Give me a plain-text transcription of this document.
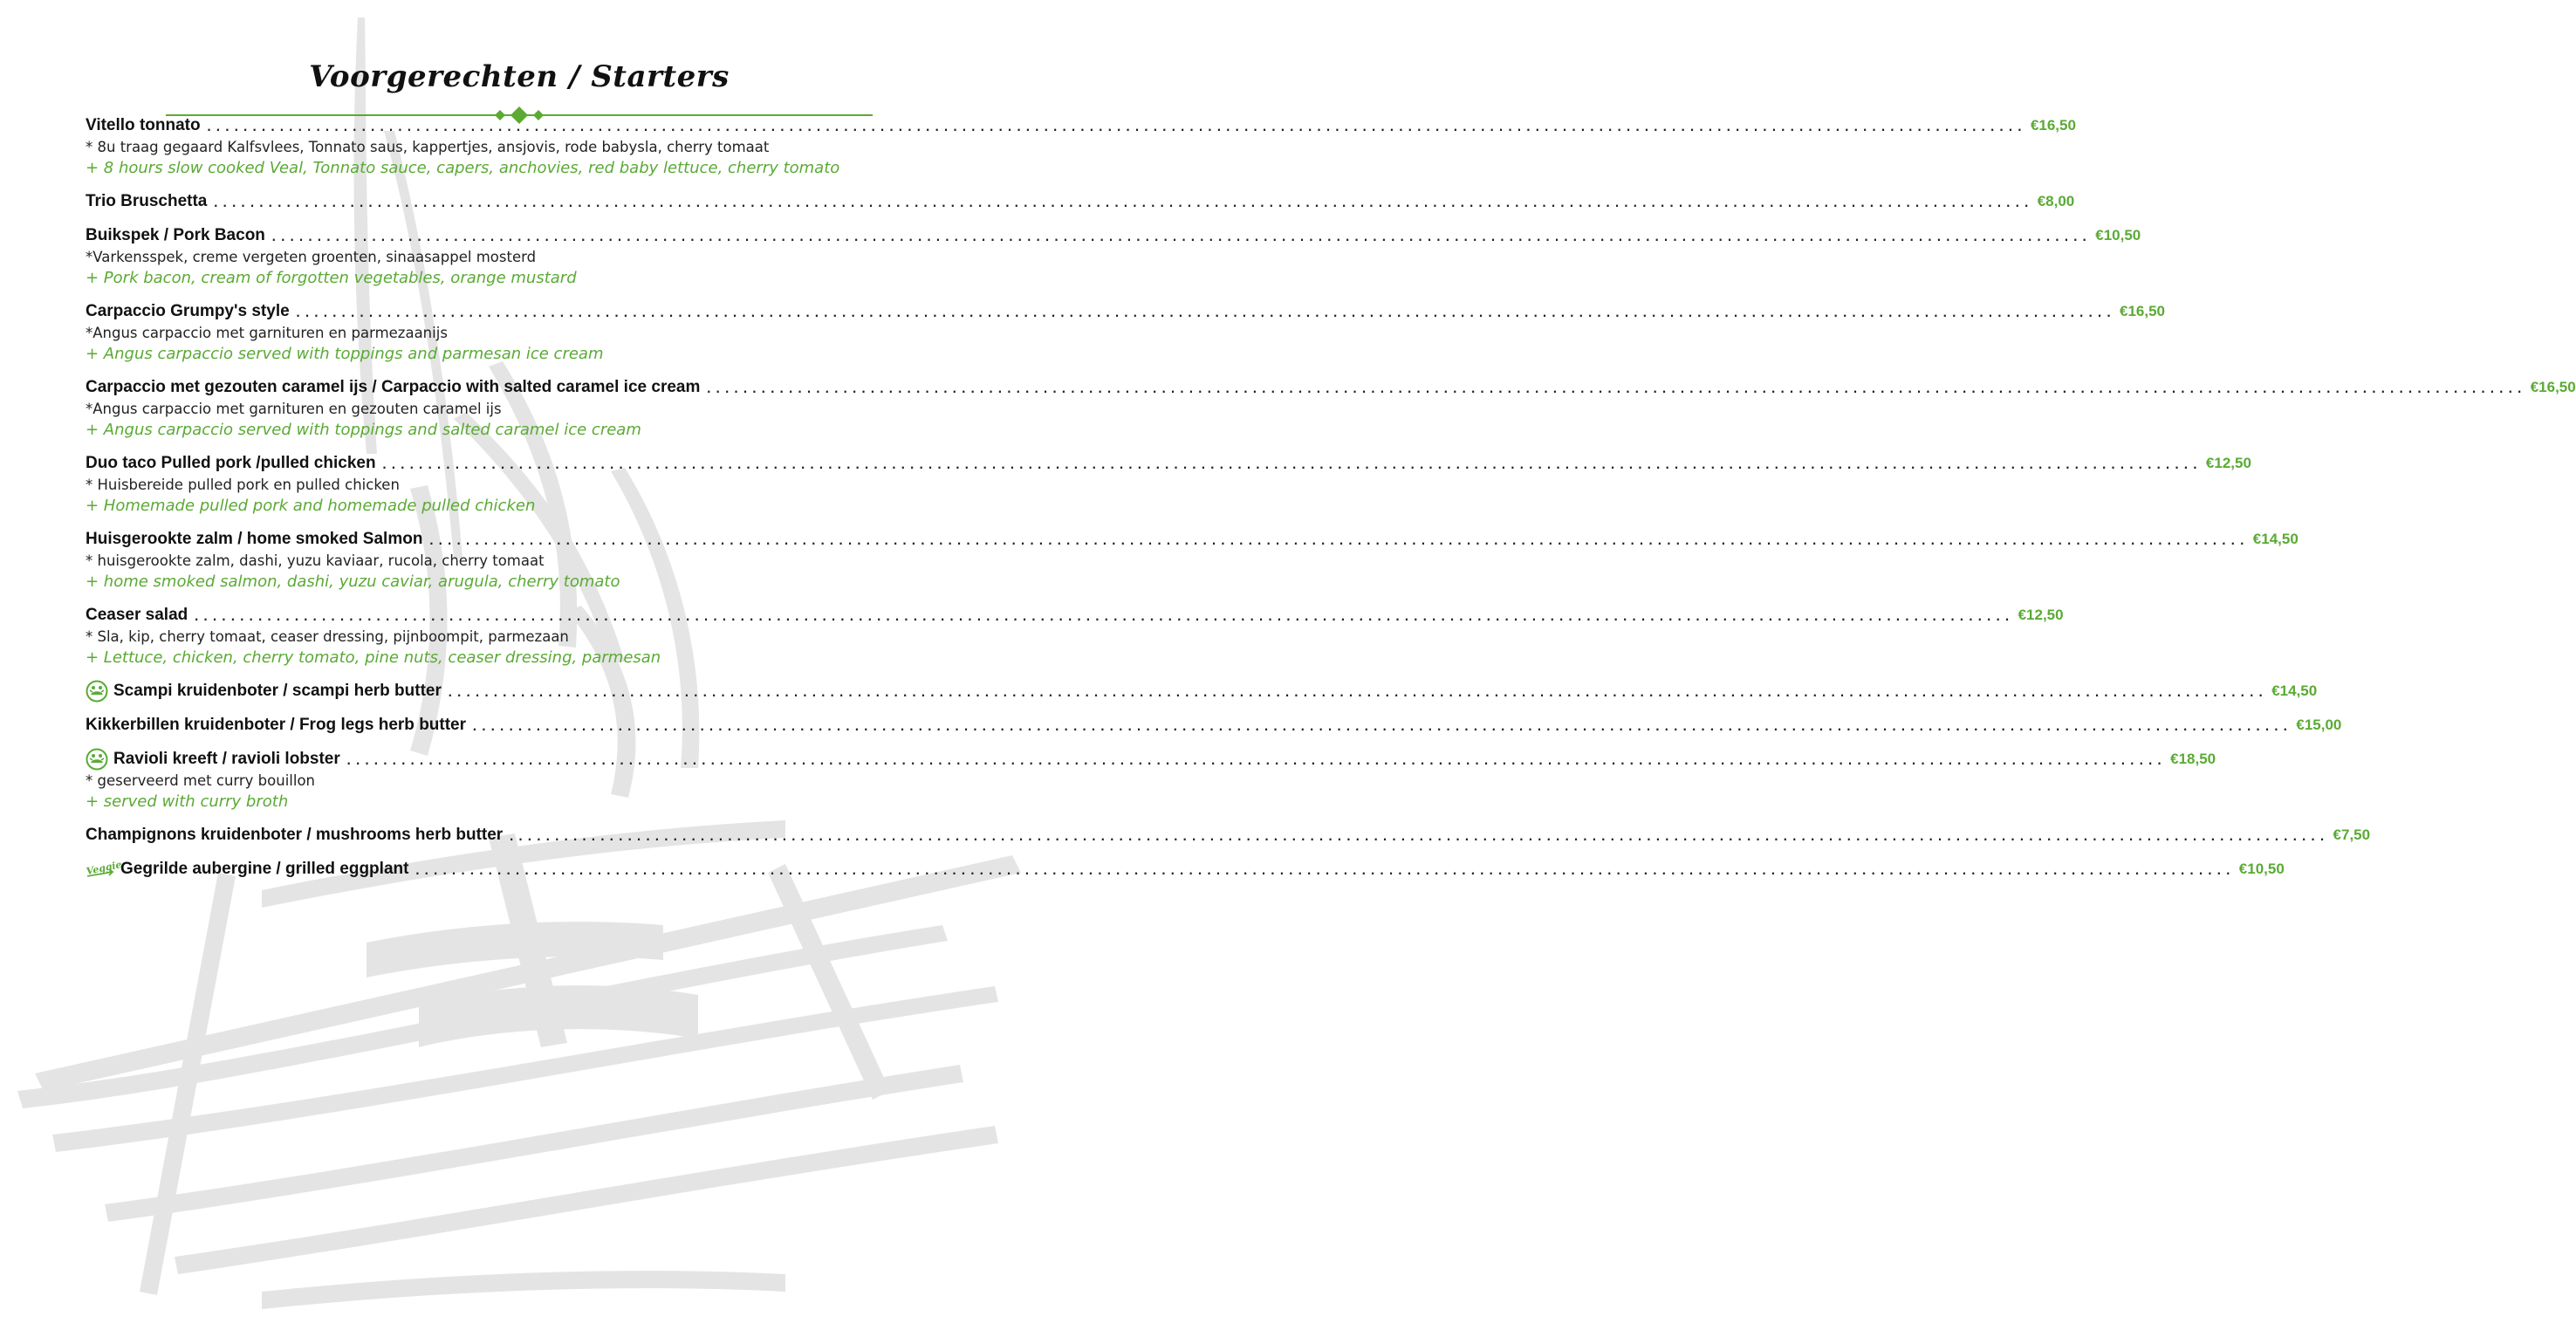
Voorgerechten / Starters
Vitello tonnato ........................................................................................................................................................................................................ €16,50
* 8u traag gegaard Kalfsvlees, Tonnato saus, kappertjes, ansjovis, rode babysla, cherry tomaat
+ 8 hours slow cooked Veal, Tonnato sauce, capers, anchovies, red baby lettuce, cherry tomato
Trio Bruschetta ........................................................................................................................................................................................................ €8,00
Buikspek / Pork Bacon ........................................................................................................................................................................................................ €10,50
*Varkensspek, creme vergeten groenten, sinaasappel mosterd
+ Pork bacon, cream of forgotten vegetables, orange mustard
Carpaccio Grumpy's style ........................................................................................................................................................................................................ €16,50
*Angus carpaccio met garnituren en parmezaanijs
+ Angus carpaccio served with toppings and parmesan ice cream
Carpaccio met gezouten caramel ijs / Carpaccio with salted caramel ice cream ........................................................................................................................................................................................................ €16,50
*Angus carpaccio met garnituren en gezouten caramel ijs
+ Angus carpaccio served with toppings and salted caramel ice cream
Duo taco Pulled pork /pulled chicken ........................................................................................................................................................................................................ €12,50
* Huisbereide pulled pork en pulled chicken
+ Homemade pulled pork and homemade pulled chicken
Huisgerookte zalm / home smoked Salmon ........................................................................................................................................................................................................ €14,50
* huisgerookte zalm, dashi, yuzu kaviaar, rucola, cherry tomaat
+ home smoked salmon, dashi, yuzu caviar, arugula, cherry tomato
Ceaser salad ........................................................................................................................................................................................................ €12,50
* Sla, kip, cherry tomaat, ceaser dressing, pijnboompit, parmezaan
+ Lettuce, chicken, cherry tomato, pine nuts, ceaser dressing, parmesan
Scampi kruidenboter / scampi herb butter ........................................................................................................................................................................................................ €14,50
Kikkerbillen kruidenboter / Frog legs herb butter ........................................................................................................................................................................................................ €15,00
Ravioli kreeft / ravioli lobster ........................................................................................................................................................................................................ €18,50
* geserveerd met curry bouillon
+ served with curry broth
Champignons kruidenboter / mushrooms herb butter ........................................................................................................................................................................................................ €7,50
Veggie
Gegrilde aubergine / grilled eggplant ........................................................................................................................................................................................................ €10,50
